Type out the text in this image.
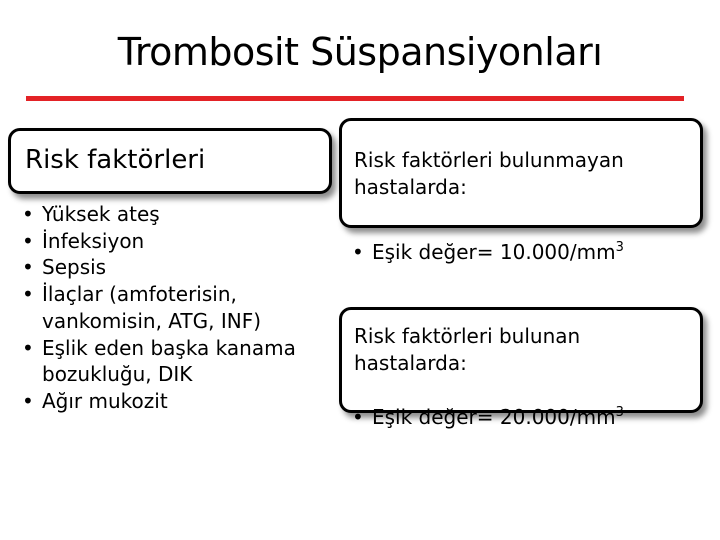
Trombosit Süspansiyonları
Risk faktörleri
• Yüksek ateş
• İnfeksiyon
• Sepsis
• İlaçlar (amfoterisin, vankomisin, ATG, INF)
• Eşlik eden başka kanama bozukluğu, DIK
• Ağır mukozit
Risk faktörleri bulunmayan hastalarda:
• Eşik değer= $10.000/mm^3$
Risk faktörleri bulunan hastalarda:
• Eşik değer= $20.000/mm^3$
